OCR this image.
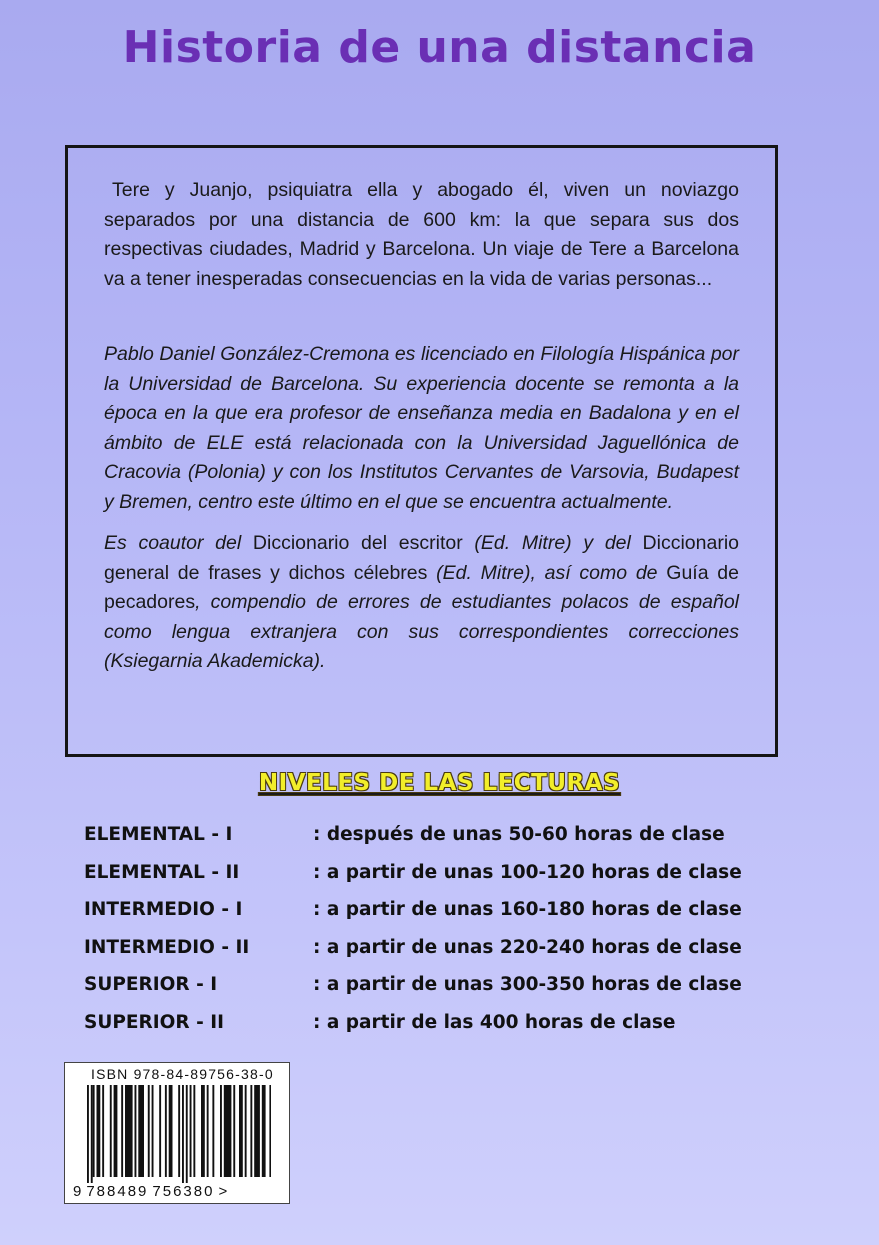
Historia de una distancia

Tere y Juanjo, psiquiatra ella y abogado él, viven un noviazgo separados por una distancia de 600 km: la que separa sus dos respectivas ciudades, Madrid y Barcelona. Un viaje de Tere a Barcelona va a tener inesperadas consecuencias en la vida de varias personas...

Pablo Daniel González-Cremona es licenciado en Filología Hispánica por la Universidad de Barcelona. Su experiencia docente se remonta a la época en la que era profesor de enseñanza media en Badalona y en el ámbito de ELE está relacionada con la Universidad Jaguellónica de Cracovia (Polonia) y con los Institutos Cervantes de Varsovia, Budapest y Bremen, centro este último en el que se encuentra actualmente.

Es coautor del Diccionario del escritor (Ed. Mitre) y del Diccionario general de frases y dichos célebres (Ed. Mitre), así como de Guía de pecadores, compendio de errores de estudiantes polacos de español como lengua extranjera con sus correspondientes correcciones (Ksiegarnia Akademicka).

NIVELES DE LAS LECTURAS
ELEMENTAL - I	: después de unas 50-60 horas de clase
ELEMENTAL - II	: a partir de unas 100-120 horas de clase
INTERMEDIO - I	: a partir de unas 160-180 horas de clase
INTERMEDIO - II	: a partir de unas 220-240 horas de clase
SUPERIOR - I	: a partir de unas 300-350 horas de clase
SUPERIOR - II	: a partir de las 400 horas de clase
ISBN 978-84-89756-38-0
9 788489 756380 >
